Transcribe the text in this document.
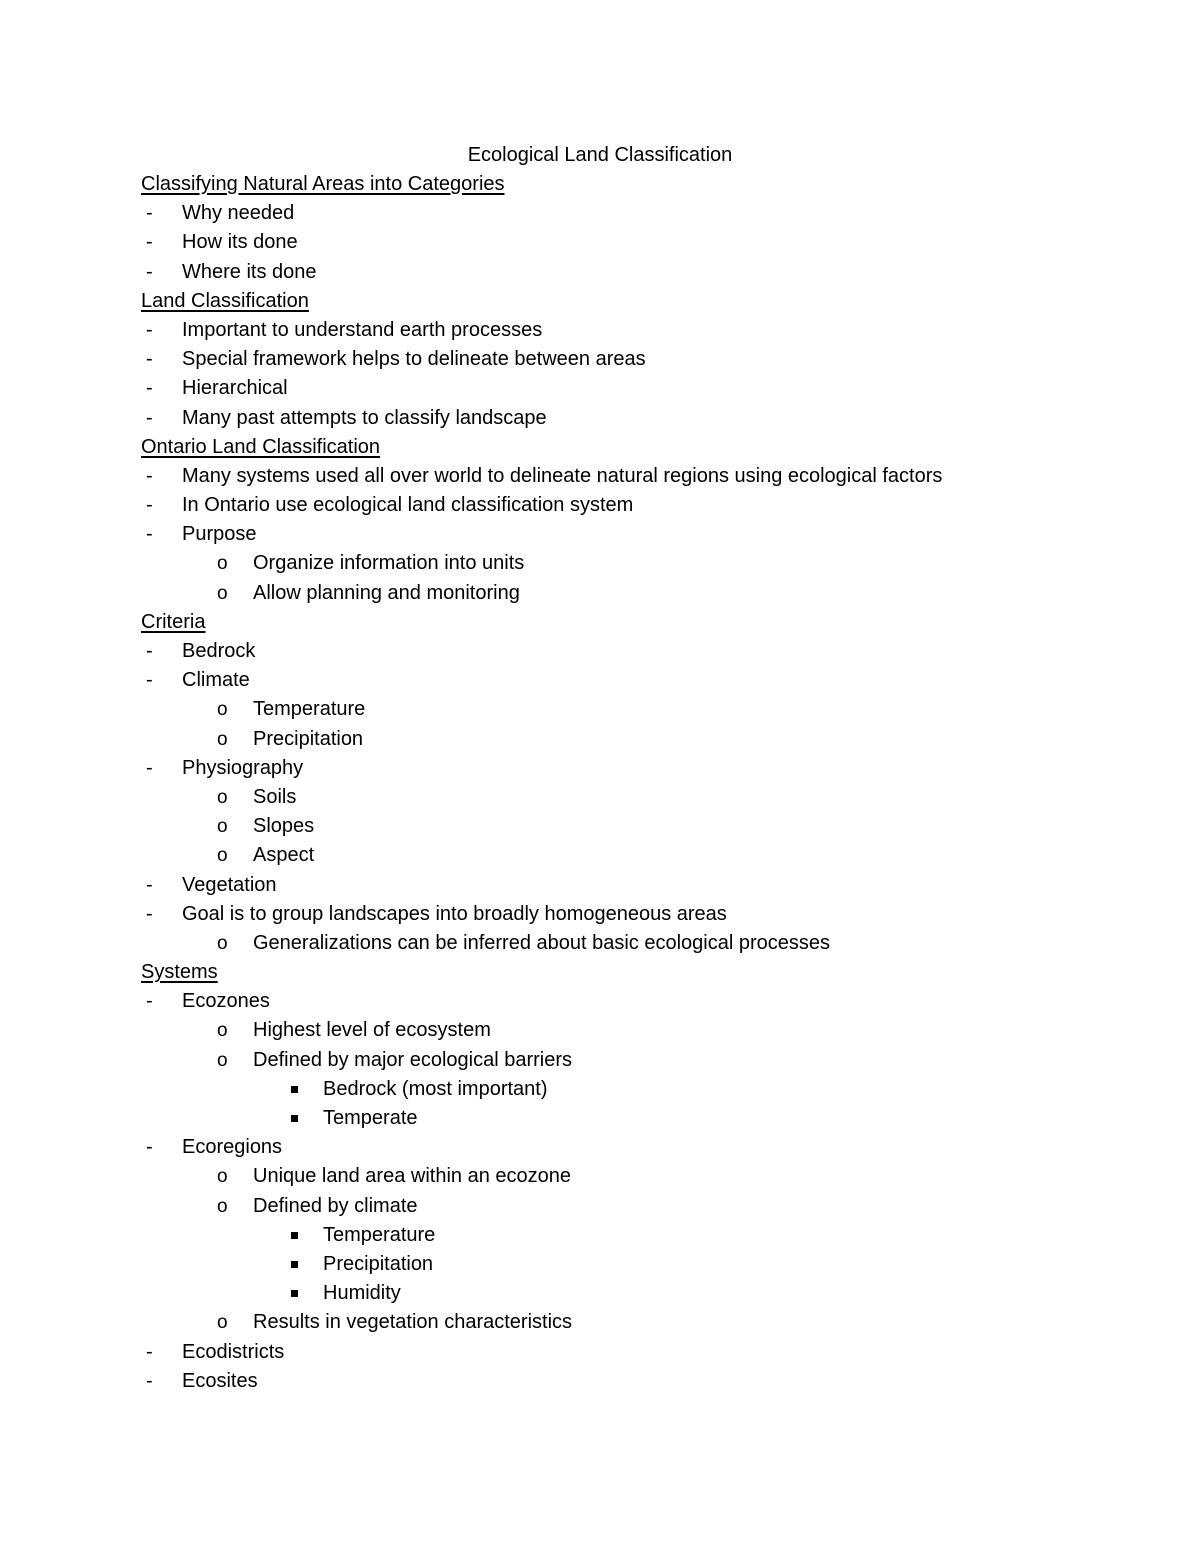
Ecological Land Classification
Classifying Natural Areas into Categories
- Why needed
- How its done
- Where its done
Land Classification
- Important to understand earth processes
- Special framework helps to delineate between areas
- Hierarchical
- Many past attempts to classify landscape
Ontario Land Classification
- Many systems used all over world to delineate natural regions using ecological factors
- In Ontario use ecological land classification system
- Purpose
o Organize information into units
o Allow planning and monitoring
Criteria
- Bedrock
- Climate
o Temperature
o Precipitation
- Physiography
o Soils
o Slopes
o Aspect
- Vegetation
- Goal is to group landscapes into broadly homogeneous areas
o Generalizations can be inferred about basic ecological processes
Systems
- Ecozones
o Highest level of ecosystem
o Defined by major ecological barriers
Bedrock (most important)
Temperate
- Ecoregions
o Unique land area within an ecozone
o Defined by climate
Temperature
Precipitation
Humidity
o Results in vegetation characteristics
- Ecodistricts
- Ecosites
